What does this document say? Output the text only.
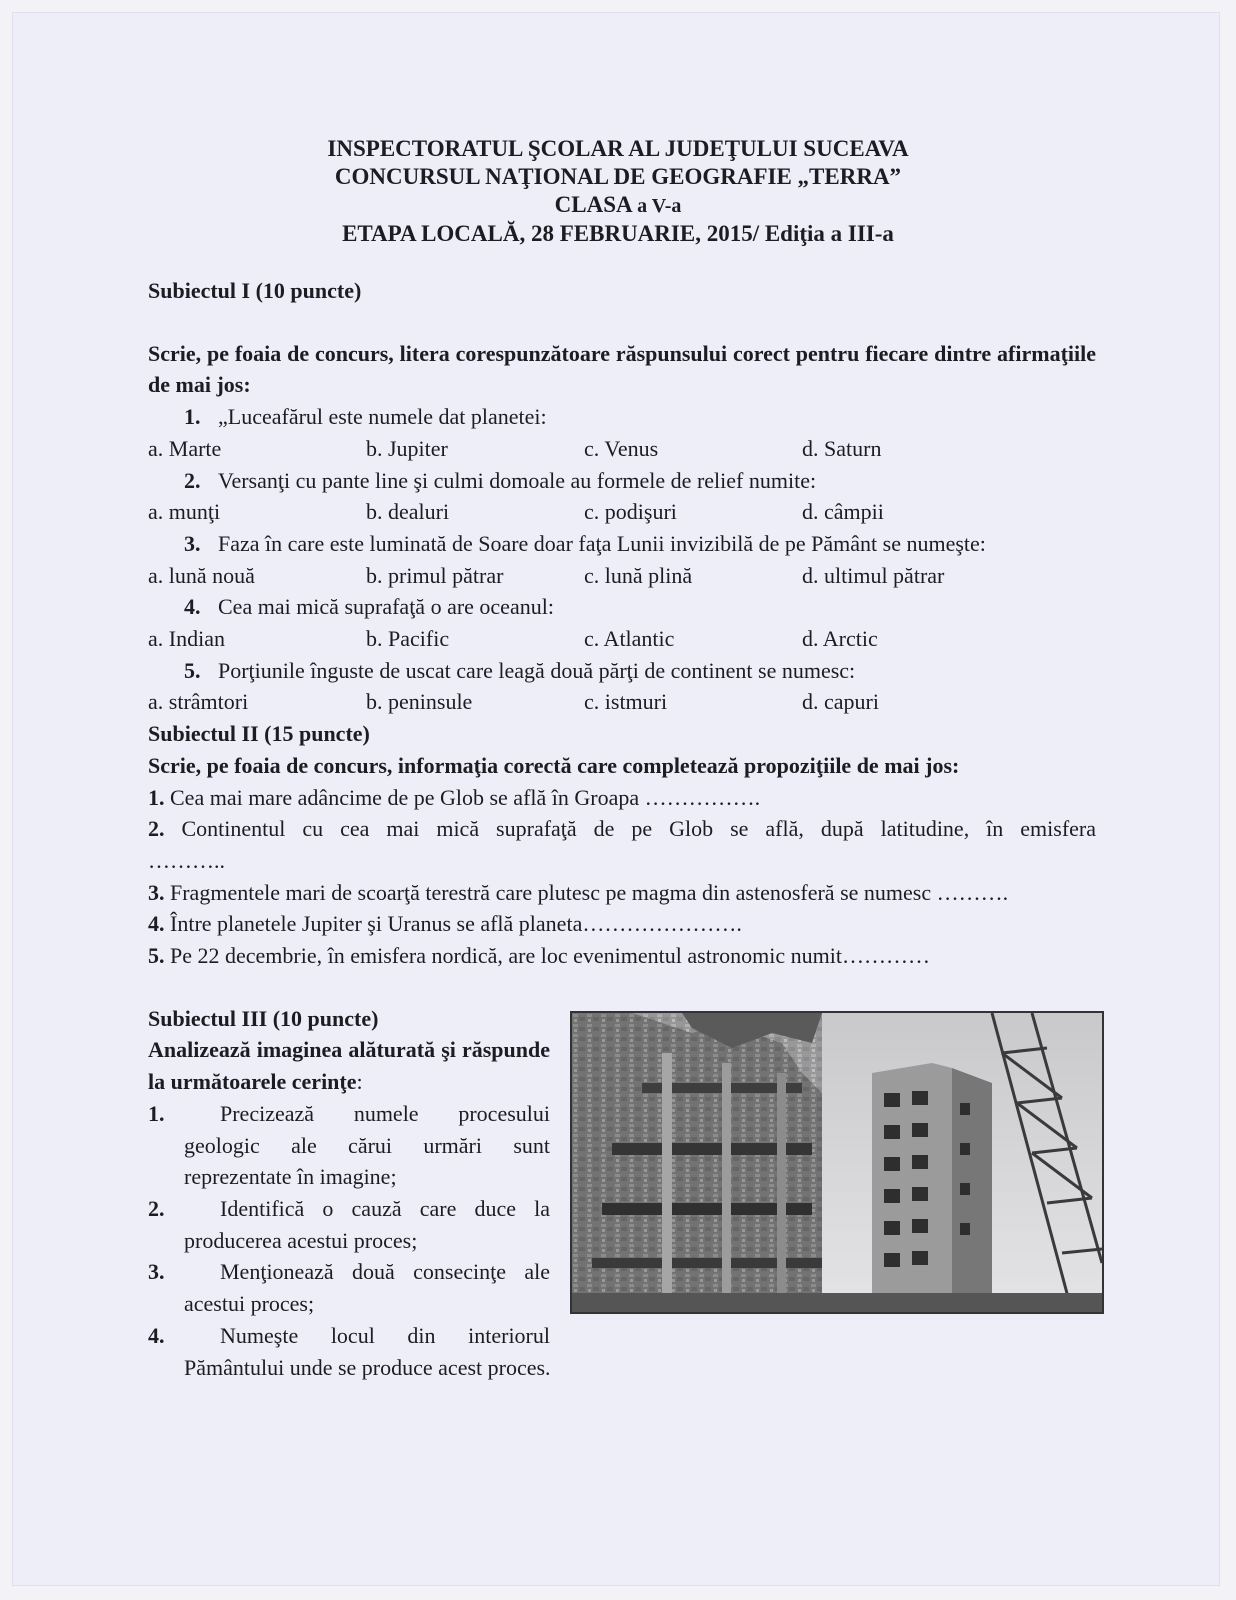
INSPECTORATUL ŞCOLAR AL JUDEŢULUI SUCEAVA
CONCURSUL NAŢIONAL DE GEOGRAFIE „TERRA”
CLASA a V-a
ETAPA LOCALĂ, 28 FEBRUARIE, 2015/ Ediţia a III-a
Subiectul I (10 puncte)
Scrie, pe foaia de concurs, litera corespunzătoare răspunsului corect pentru fiecare dintre afirmaţiile de mai jos:
1. „Luceafărul este numele dat planetei:
a. Marte	b. Jupiter	c. Venus	d. Saturn
2. Versanţi cu pante line şi culmi domoale au formele de relief numite:
a. munţi	b. dealuri	c. podişuri	d. câmpii
3. Faza în care este luminată de Soare doar faţa Lunii invizibilă de pe Pământ se numeşte:
a. lună nouă	b. primul pătrar	c. lună plină	d. ultimul pătrar
4. Cea mai mică suprafaţă o are oceanul:
a. Indian	b. Pacific	c. Atlantic	d. Arctic
5. Porţiunile înguste de uscat care leagă două părţi de continent se numesc:
a. strâmtori	b. peninsule	c. istmuri	d. capuri
Subiectul II (15 puncte)
Scrie, pe foaia de concurs, informaţia corectă care completează propoziţiile de mai jos:
1. Cea mai mare adâncime de pe Glob se află în Groapa …………….
2. Continentul cu cea mai mică suprafaţă de pe Glob se află, după latitudine, în emisfera
………..
3. Fragmentele mari de scoarţă terestră care plutesc pe magma din astenosferă se numesc ……….
4. Între planetele Jupiter şi Uranus se află planeta………………….
5. Pe 22 decembrie, în emisfera nordică, are loc evenimentul astronomic numit…………
Subiectul III (10 puncte)
Analizează imaginea alăturată şi răspunde la următoarele cerinţe:
1.	Precizează numele procesului geologic ale cărui urmări sunt reprezentate în imagine;
2.	Identifică o cauză care duce la producerea acestui proces;
3.	Menţionează două consecinţe ale acestui proces;
4.	Numeşte locul din interiorul
Pământului unde se produce acest proces.
